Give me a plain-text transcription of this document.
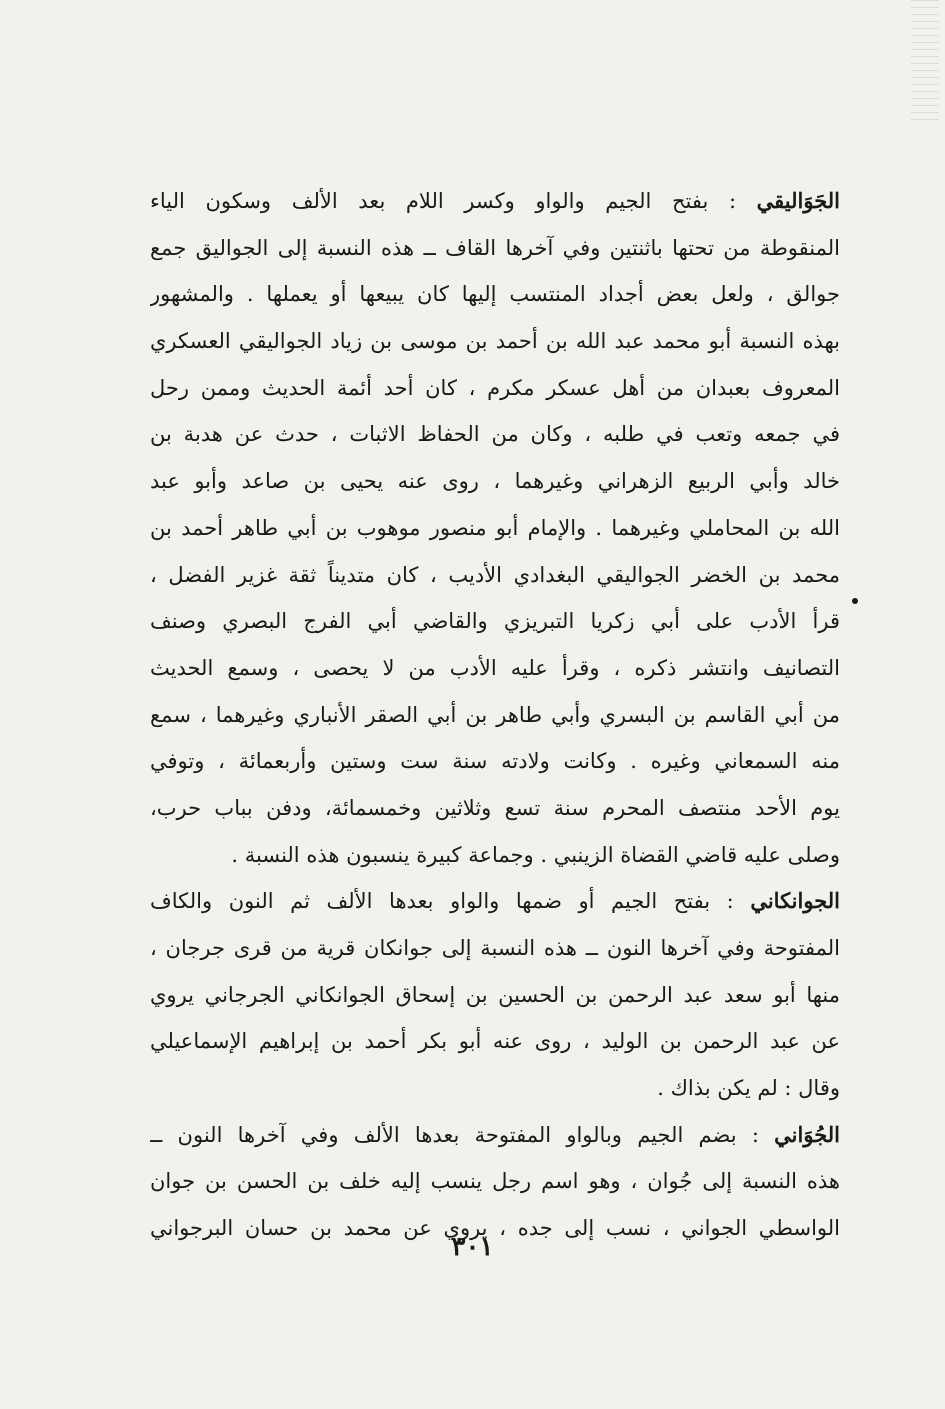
الجَوَاليقي : بفتح الجيم والواو وكسر اللام بعد الألف وسكون الياء
المنقوطة من تحتها باثنتين وفي آخرها القاف ــ هذه النسبة إلى الجواليق جمع
جوالق ، ولعل بعض أجداد المنتسب إليها كان يبيعها أو يعملها . والمشهور
بهذه النسبة أبو محمد عبد الله بن أحمد بن موسى بن زياد الجواليقي العسكري
المعروف بعبدان من أهل عسكر مكرم ، كان أحد أئمة الحديث وممن رحل
في جمعه وتعب في طلبه ، وكان من الحفاظ الاثبات ، حدث عن هدبة بن
خالد وأبي الربيع الزهراني وغيرهما ، روى عنه يحيى بن صاعد وأبو عبد
الله بن المحاملي وغيرهما . والإمام أبو منصور موهوب بن أبي طاهر أحمد بن
محمد بن الخضر الجواليقي البغدادي الأديب ، كان متديناً ثقة غزير الفضل ،
قرأ الأدب على أبي زكريا التبريزي والقاضي أبي الفرج البصري وصنف
التصانيف وانتشر ذكره ، وقرأ عليه الأدب من لا يحصى ، وسمع الحديث
من أبي القاسم بن البسري وأبي طاهر بن أبي الصقر الأنباري وغيرهما ، سمع
منه السمعاني وغيره . وكانت ولادته سنة ست وستين وأربعمائة ، وتوفي
يوم الأحد منتصف المحرم سنة تسع وثلاثين وخمسمائة، ودفن بباب حرب،
وصلى عليه قاضي القضاة الزينبي . وجماعة كبيرة ينسبون هذه النسبة .
الجوانكاني : بفتح الجيم أو ضمها والواو بعدها الألف ثم النون والكاف
المفتوحة وفي آخرها النون ــ هذه النسبة إلى جوانكان قرية من قرى جرجان ،
منها أبو سعد عبد الرحمن بن الحسين بن إسحاق الجوانكاني الجرجاني يروي
عن عبد الرحمن بن الوليد ، روى عنه أبو بكر أحمد بن إبراهيم الإسماعيلي
وقال : لم يكن بذاك .
الجُوَاني : بضم الجيم وبالواو المفتوحة بعدها الألف وفي آخرها النون ــ
هذه النسبة إلى جُوان ، وهو اسم رجل ينسب إليه خلف بن الحسن بن جوان
الواسطي الجواني ، نسب إلى جده ، يروي عن محمد بن حسان البرجواني
٣٠١
